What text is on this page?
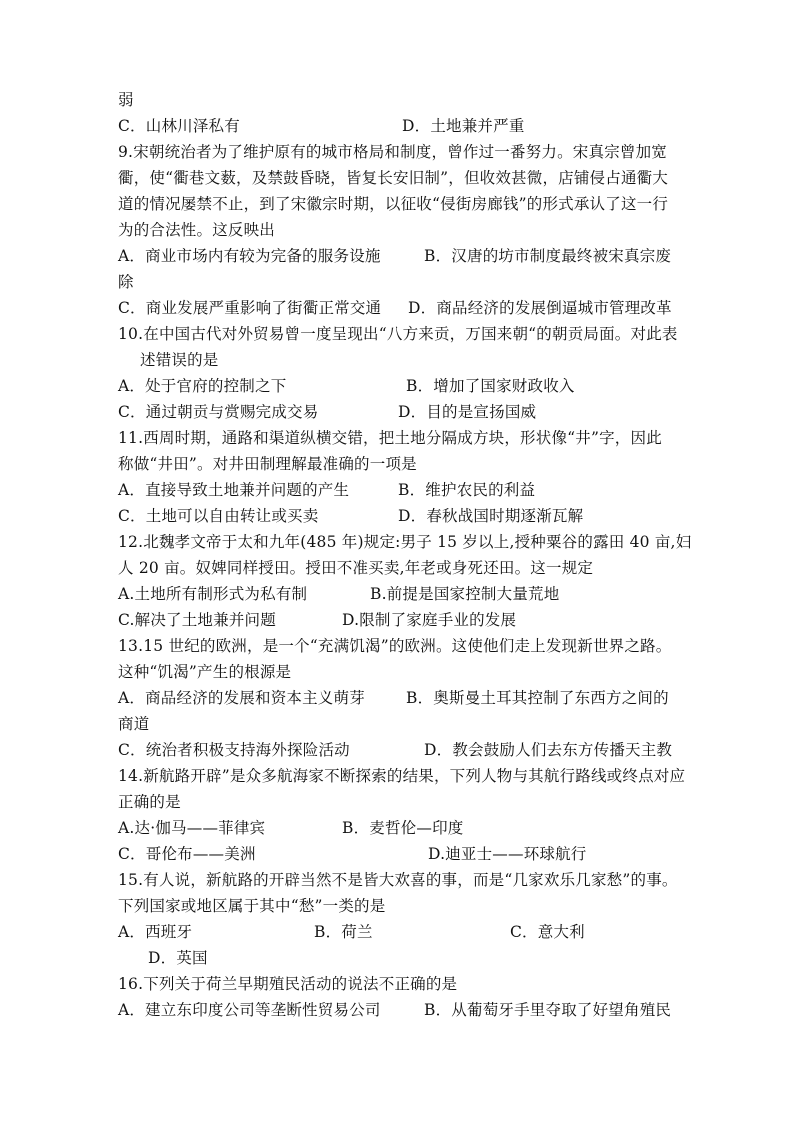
弱
C．山林川泽私有	D．土地兼并严重
9.宋朝统治者为了维护原有的城市格局和制度，曾作过一番努力。宋真宗曾加宽
衢，使“衢巷文薮，及禁鼓昏晓，皆复长安旧制”，但收效甚微，店铺侵占通衢大
道的情况屡禁不止，到了宋徽宗时期，以征收“侵街房廊钱”的形式承认了这一行
为的合法性。这反映出
A．商业市场内有较为完备的服务设施	B．汉唐的坊市制度最终被宋真宗废
除
C．商业发展严重影响了街衢正常交通 D．商品经济的发展倒逼城市管理改革
10.在中国古代对外贸易曾一度呈现出“八方来贡，万国来朝“的朝贡局面。对此表
述错误的是
A．处于官府的控制之下	B．增加了国家财政收入
C．通过朝贡与赏赐完成交易	D．目的是宣扬国威
11.西周时期，通路和渠道纵横交错，把土地分隔成方块，形状像“井”字，因此
称做“井田”。对井田制理解最准确的一项是
A．直接导致土地兼并问题的产生	B．维护农民的利益
C．土地可以自由转让或买卖	D．春秋战国时期逐渐瓦解
12.北魏孝文帝于太和九年(485 年)规定:男子 15 岁以上,授种粟谷的露田 40 亩,妇
人 20 亩。奴婢同样授田。授田不准买卖,年老或身死还田。这一规定
A.土地所有制形式为私有制	B.前提是国家控制大量荒地
C.解决了土地兼并问题	D.限制了家庭手业的发展
13.15 世纪的欧洲，是一个“充满饥渴”的欧洲。这使他们走上发现新世界之路。
这种“饥渴”产生的根源是
A．商品经济的发展和资本主义萌芽	B．奥斯曼土耳其控制了东西方之间的
商道
C．统治者积极支持海外探险活动	D．教会鼓励人们去东方传播天主教
14.新航路开辟”是众多航海家不断探索的结果，下列人物与其航行路线或终点对应
正确的是
A.达·伽马——菲律宾	B．麦哲伦—印度
C．哥伦布——美洲	D.迪亚士——环球航行
15.有人说，新航路的开辟当然不是皆大欢喜的事，而是“几家欢乐几家愁”的事。
下列国家或地区属于其中“愁”一类的是
A．西班牙	B．荷兰	C．意大利
D．英国
16.下列关于荷兰早期殖民活动的说法不正确的是
A．建立东印度公司等垄断性贸易公司	B．从葡萄牙手里夺取了好望角殖民
